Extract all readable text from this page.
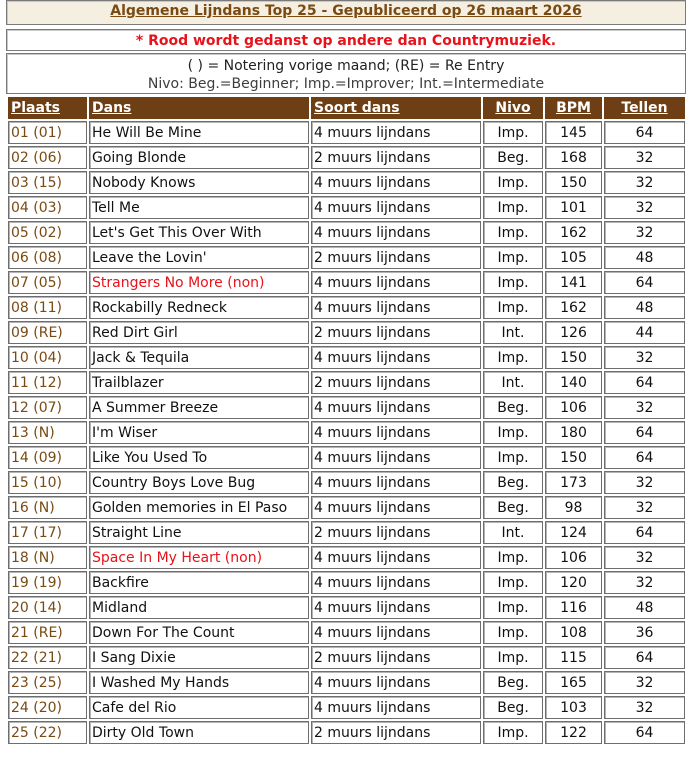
Algemene Lijndans Top 25 - Gepubliceerd op 26 maart 2026
* Rood wordt gedanst op andere dan Countrymuziek.
( ) = Notering vorige maand; (RE) = Re Entry
Nivo: Beg.=Beginner; Imp.=Improver; Int.=Intermediate
Plaats	Dans	Soort dans	Nivo	BPM	Tellen
01 (01)	He Will Be Mine	4 muurs lijndans	Imp.	145	64
02 (06)	Going Blonde	2 muurs lijndans	Beg.	168	32
03 (15)	Nobody Knows	4 muurs lijndans	Imp.	150	32
04 (03)	Tell Me	4 muurs lijndans	Imp.	101	32
05 (02)	Let's Get This Over With	4 muurs lijndans	Imp.	162	32
06 (08)	Leave the Lovin'	2 muurs lijndans	Imp.	105	48
07 (05)	Strangers No More (non)	4 muurs lijndans	Imp.	141	64
08 (11)	Rockabilly Redneck	4 muurs lijndans	Imp.	162	48
09 (RE)	Red Dirt Girl	2 muurs lijndans	Int.	126	44
10 (04)	Jack & Tequila	4 muurs lijndans	Imp.	150	32
11 (12)	Trailblazer	2 muurs lijndans	Int.	140	64
12 (07)	A Summer Breeze	4 muurs lijndans	Beg.	106	32
13 (N)	I'm Wiser	4 muurs lijndans	Imp.	180	64
14 (09)	Like You Used To	4 muurs lijndans	Imp.	150	64
15 (10)	Country Boys Love Bug	4 muurs lijndans	Beg.	173	32
16 (N)	Golden memories in El Paso	4 muurs lijndans	Beg.	98	32
17 (17)	Straight Line	2 muurs lijndans	Int.	124	64
18 (N)	Space In My Heart (non)	4 muurs lijndans	Imp.	106	32
19 (19)	Backfire	4 muurs lijndans	Imp.	120	32
20 (14)	Midland	4 muurs lijndans	Imp.	116	48
21 (RE)	Down For The Count	4 muurs lijndans	Imp.	108	36
22 (21)	I Sang Dixie	2 muurs lijndans	Imp.	115	64
23 (25)	I Washed My Hands	4 muurs lijndans	Beg.	165	32
24 (20)	Cafe del Rio	4 muurs lijndans	Beg.	103	32
25 (22)	Dirty Old Town	2 muurs lijndans	Imp.	122	64
